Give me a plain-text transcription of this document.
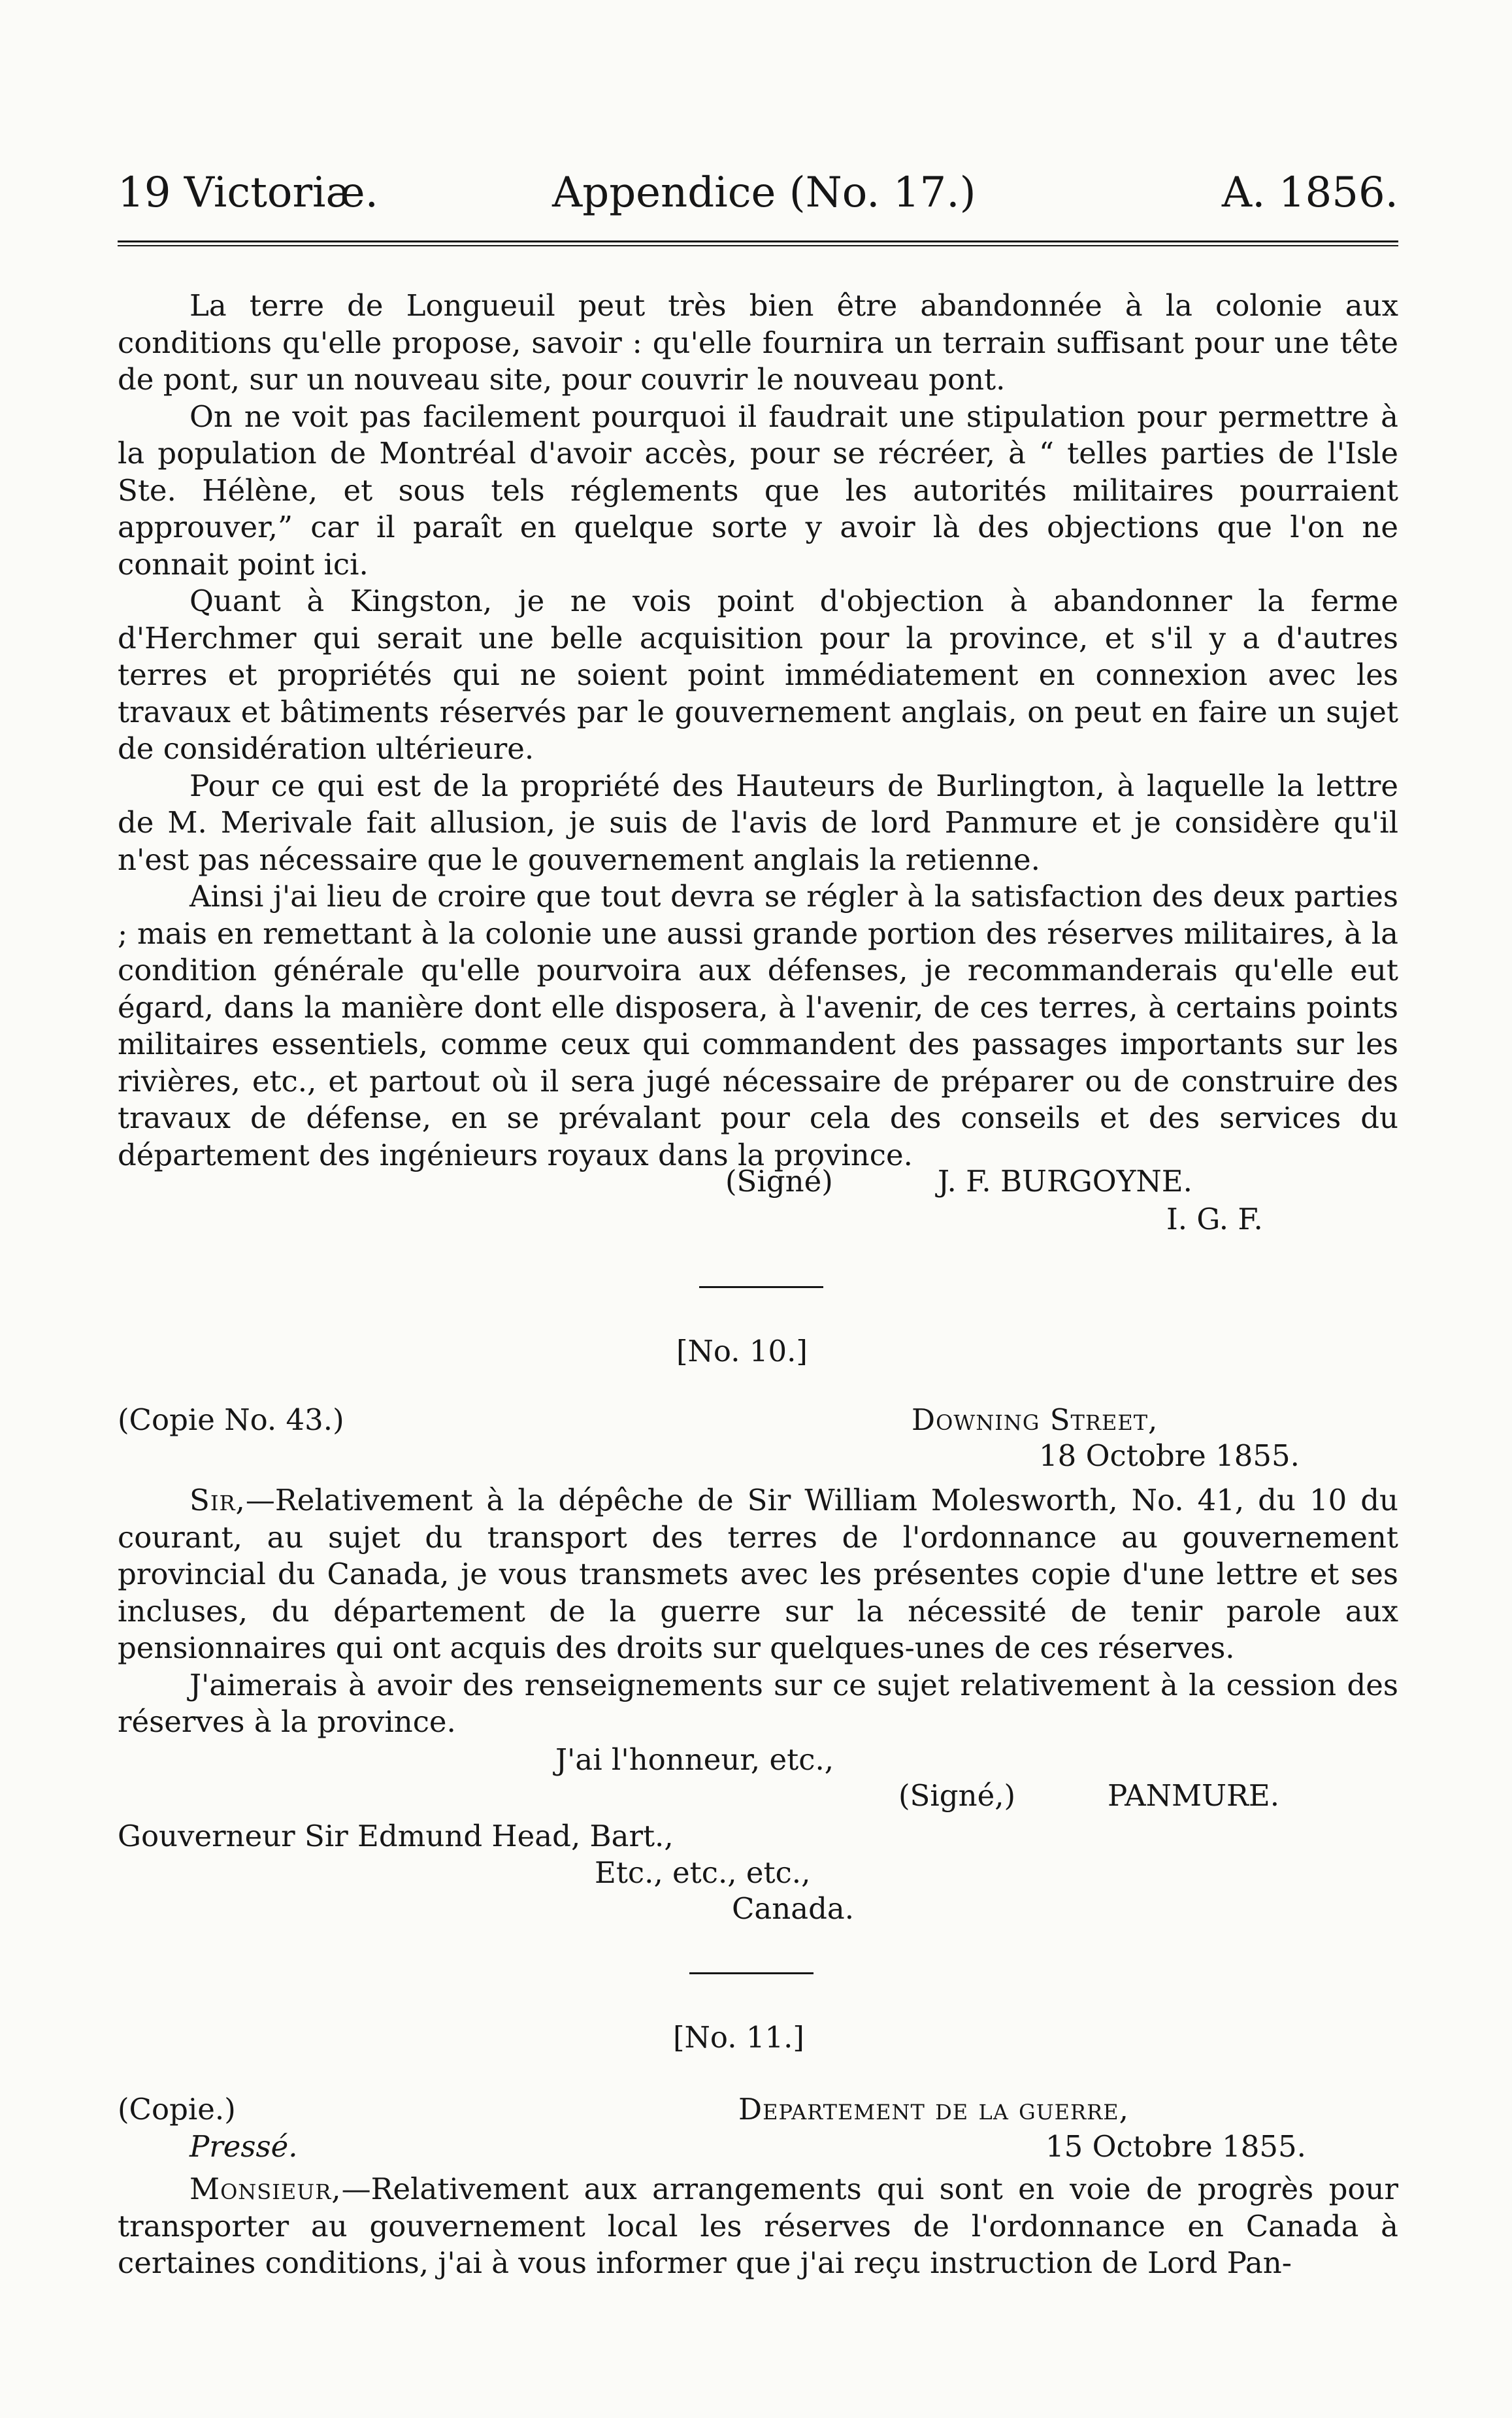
19 Victoriæ.	Appendice (No. 17.)	A. 1856.

La terre de Longueuil peut très bien être abandonnée à la colonie aux conditions qu'elle propose, savoir : qu'elle fournira un terrain suffisant pour une tête de pont, sur un nouveau site, pour couvrir le nouveau pont.

On ne voit pas facilement pourquoi il faudrait une stipulation pour permettre à la population de Montréal d'avoir accès, pour se récréer, à “ telles parties de l'Isle Ste. Hélène, et sous tels réglements que les autorités militaires pourraient approuver,” car il paraît en quelque sorte y avoir là des objections que l'on ne connait point ici.

Quant à Kingston, je ne vois point d'objection à abandonner la ferme d'Herchmer qui serait une belle acquisition pour la province, et s'il y a d'autres terres et propriétés qui ne soient point immédiatement en connexion avec les travaux et bâtiments réservés par le gouvernement anglais, on peut en faire un sujet de considération ultérieure.

Pour ce qui est de la propriété des Hauteurs de Burlington, à laquelle la lettre de M. Merivale fait allusion, je suis de l'avis de lord Panmure et je considère qu'il n'est pas nécessaire que le gouvernement anglais la retienne.

Ainsi j'ai lieu de croire que tout devra se régler à la satisfaction des deux parties ; mais en remettant à la colonie une aussi grande portion des réserves militaires, à la condition générale qu'elle pourvoira aux défenses, je recommanderais qu'elle eut égard, dans la manière dont elle disposera, à l'avenir, de ces terres, à certains points militaires essentiels, comme ceux qui commandent des passages importants sur les rivières, etc., et partout où il sera jugé nécessaire de préparer ou de construire des travaux de défense, en se prévalant pour cela des conseils et des services du département des ingénieurs royaux dans la province.

(Signé)	J. F. BURGOYNE.
I. G. F.
[No. 10.]
(Copie No. 43.)	Downing Street,
18 Octobre 1855.

Sir,—Relativement à la dépêche de Sir William Molesworth, No. 41, du 10 du courant, au sujet du transport des terres de l'ordonnance au gouvernement provincial du Canada, je vous transmets avec les présentes copie d'une lettre et ses incluses, du département de la guerre sur la nécessité de tenir parole aux pensionnaires qui ont acquis des droits sur quelques-unes de ces réserves.

J'aimerais à avoir des renseignements sur ce sujet relativement à la cession des réserves à la province.

J'ai l'honneur, etc.,
(Signé,)	PANMURE.
Gouverneur Sir Edmund Head, Bart.,
Etc., etc., etc.,
Canada.
[No. 11.]
(Copie.)	Departement de la guerre,
Pressé.	15 Octobre 1855.

Monsieur,—Relativement aux arrangements qui sont en voie de progrès pour transporter au gouvernement local les réserves de l'ordonnance en Canada à certaines conditions, j'ai à vous informer que j'ai reçu instruction de Lord Pan-
